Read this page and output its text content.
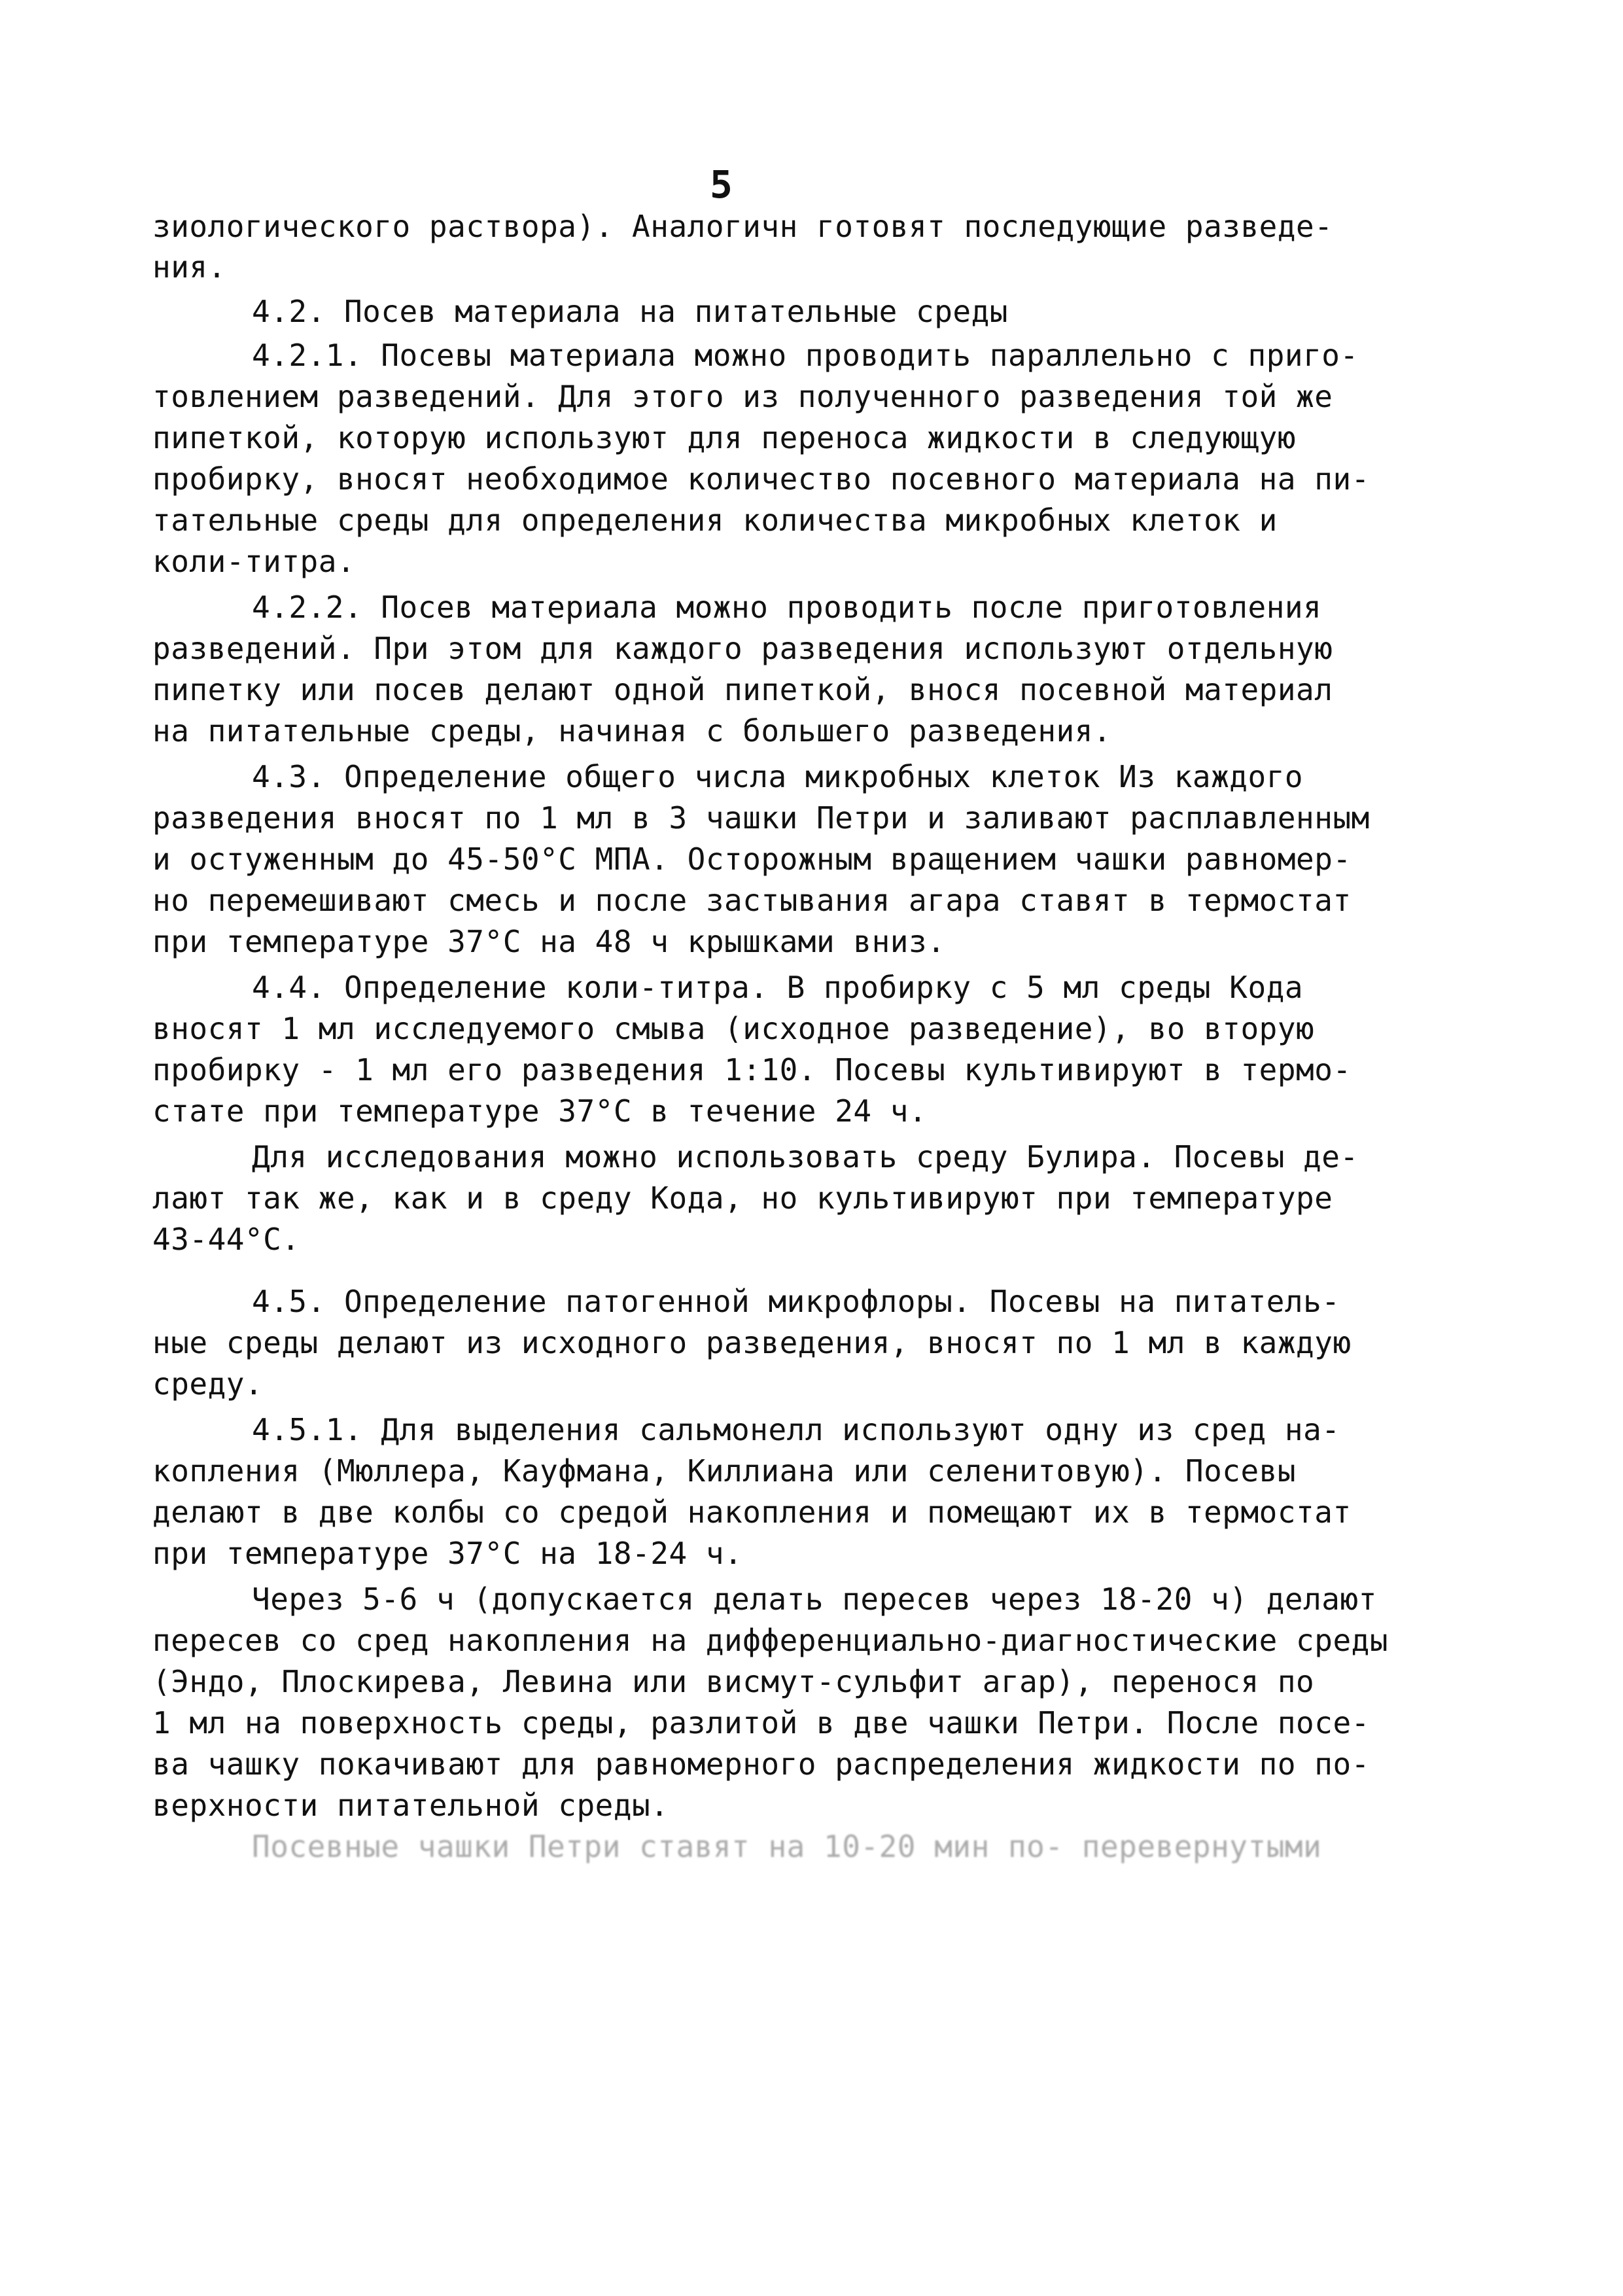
5
зиологического раствора). Аналогичн готовят последующие разведе-
ния.
4.2. Посев материала на питательные среды
4.2.1. Посевы материала можно проводить параллельно с приго-
товлением разведений. Для этого из полученного разведения той же
пипеткой, которую используют для переноса жидкости в следующую
пробирку, вносят необходимое количество посевного материала на пи-
тательные среды для определения количества микробных клеток и
коли-титра.
4.2.2. Посев материала можно проводить после приготовления
разведений. При этом для каждого разведения используют отдельную
пипетку или посев делают одной пипеткой, внося посевной материал
на питательные среды, начиная с большего разведения.
4.3. Определение общего числа микробных клеток Из каждого
разведения вносят по 1 мл в 3 чашки Петри и заливают расплавленным
и остуженным до 45-50°С МПА. Осторожным вращением чашки равномер-
но перемешивают смесь и после застывания агара ставят в термостат
при температуре 37°С на 48 ч крышками вниз.
4.4. Определение коли-титра. В пробирку с 5 мл среды Кода
вносят 1 мл исследуемого смыва (исходное разведение), во вторую
пробирку - 1 мл его разведения 1:10. Посевы культивируют в термо-
стате при температуре 37°С в течение 24 ч.
Для исследования можно использовать среду Булира. Посевы де-
лают так же, как и в среду Кода, но культивируют при температуре
43-44°С.
4.5. Определение патогенной микрофлоры. Посевы на питатель-
ные среды делают из исходного разведения, вносят по 1 мл в каждую
среду.
4.5.1. Для выделения сальмонелл используют одну из сред на-
копления (Мюллера, Кауфмана, Киллиана или селенитовую). Посевы
делают в две колбы со средой накопления и помещают их в термостат
при температуре 37°С на 18-24 ч.
Через 5-6 ч (допускается делать пересев через 18-20 ч) делают
пересев со сред накопления на дифференциально-диагностические среды
(Эндо, Плоскирева, Левина или висмут-сульфит агар), перенося по
1 мл на поверхность среды, разлитой в две чашки Петри. После посе-
ва чашку покачивают для равномерного распределения жидкости по по-
верхности питательной среды.
Посевные чашки Петри ставят на 10-20 мин по- перевернутыми
